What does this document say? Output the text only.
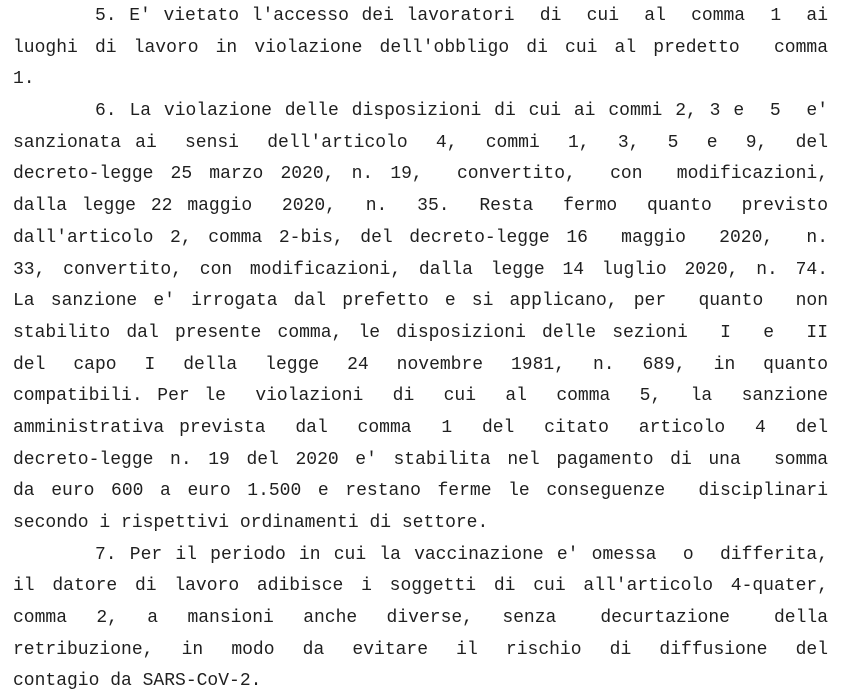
5. E' vietato l'accesso dei lavoratori  di  cui  al  comma  1  ai
luoghi di lavoro in violazione dell'obbligo di cui al predetto  comma
1.
6. La violazione delle disposizioni di cui ai commi 2, 3 e  5  e'
sanzionata ai  sensi  dell'articolo  4,  commi  1,  3,  5  e  9,  del
decreto-legge 25 marzo 2020, n. 19,  convertito,  con  modificazioni,
dalla legge 22 maggio  2020,  n.  35.  Resta  fermo  quanto  previsto
dall'articolo 2, comma 2-bis, del decreto-legge 16  maggio  2020,  n.
33, convertito, con modificazioni, dalla legge 14 luglio 2020, n. 74.
La sanzione e' irrogata dal prefetto e si applicano, per  quanto  non
stabilito dal presente comma, le disposizioni delle sezioni  I  e  II
del  capo  I  della  legge  24  novembre  1981,  n.  689,  in  quanto
compatibili. Per le  violazioni  di  cui  al  comma  5,  la  sanzione
amministrativa prevista  dal  comma  1  del  citato  articolo  4  del
decreto-legge n. 19 del 2020 e' stabilita nel pagamento di una  somma
da euro 600 a euro 1.500 e restano ferme le conseguenze  disciplinari
secondo i rispettivi ordinamenti di settore.
7. Per il periodo in cui la vaccinazione e' omessa  o  differita,
il datore di lavoro adibisce i soggetti di cui all'articolo 4-quater,
comma  2,  a  mansioni  anche  diverse,  senza   decurtazione   della
retribuzione,  in  modo  da  evitare  il  rischio  di  diffusione  del
contagio da SARS-CoV-2.
